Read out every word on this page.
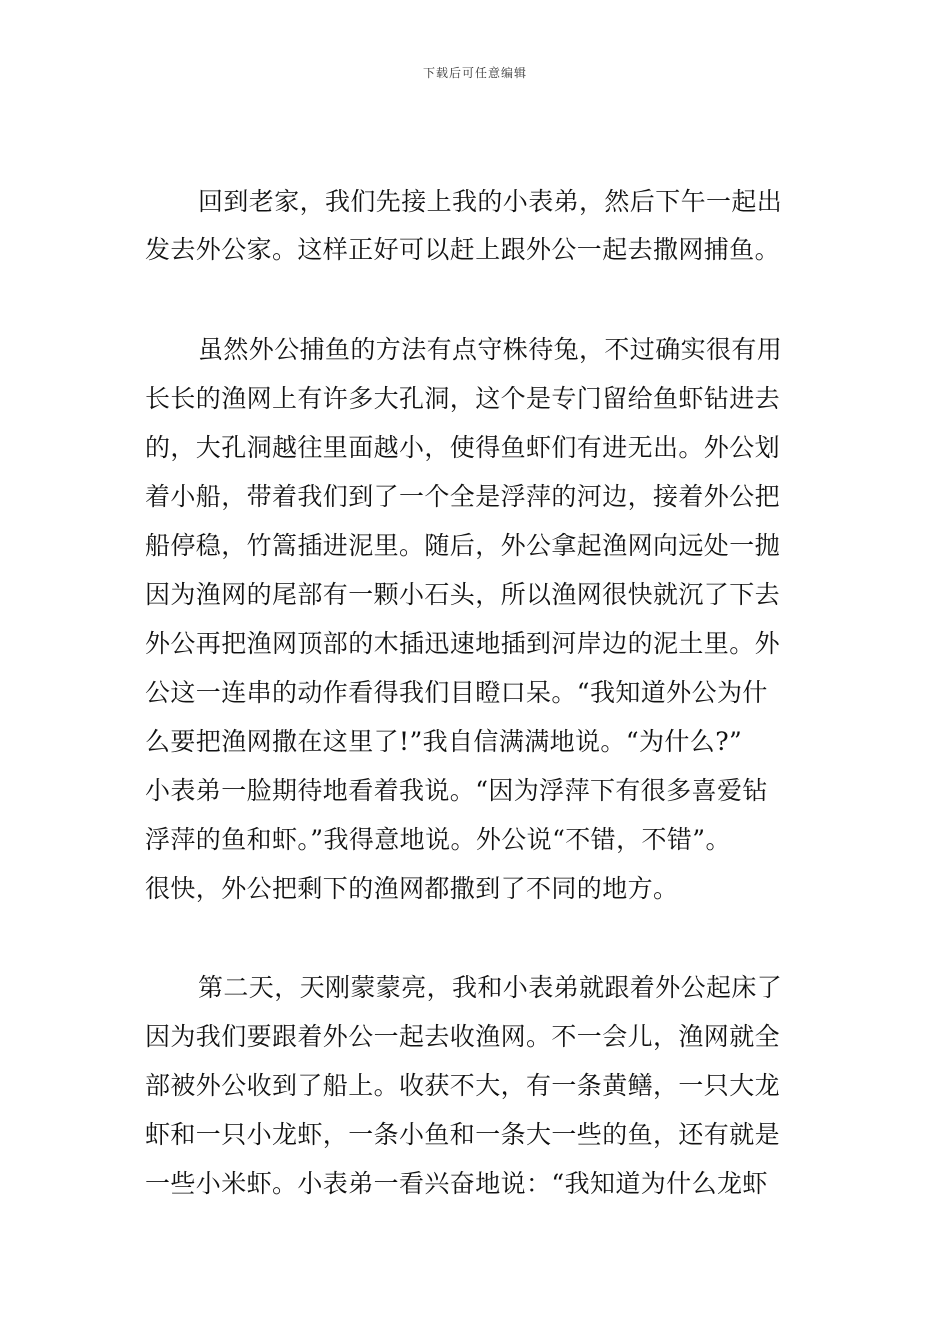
下载后可任意编辑
回到老家，我们先接上我的小表弟，然后下午一起出
发去外公家。这样正好可以赶上跟外公一起去撒网捕鱼。
虽然外公捕鱼的方法有点守株待兔，不过确实很有用
长长的渔网上有许多大孔洞，这个是专门留给鱼虾钻进去
的，大孔洞越往里面越小，使得鱼虾们有进无出。外公划
着小船，带着我们到了一个全是浮萍的河边，接着外公把
船停稳，竹篙插进泥里。随后，外公拿起渔网向远处一抛
因为渔网的尾部有一颗小石头，所以渔网很快就沉了下去
外公再把渔网顶部的木插迅速地插到河岸边的泥土里。外
公这一连串的动作看得我们目瞪口呆。“我知道外公为什
么要把渔网撒在这里了!”我自信满满地说。“为什么?”
小表弟一脸期待地看着我说。“因为浮萍下有很多喜爱钻
浮萍的鱼和虾。”我得意地说。外公说“不错，不错”。
很快，外公把剩下的渔网都撒到了不同的地方。
第二天，天刚蒙蒙亮，我和小表弟就跟着外公起床了
因为我们要跟着外公一起去收渔网。不一会儿，渔网就全
部被外公收到了船上。收获不大，有一条黄鳝，一只大龙
虾和一只小龙虾，一条小鱼和一条大一些的鱼，还有就是
一些小米虾。小表弟一看兴奋地说：“我知道为什么龙虾
